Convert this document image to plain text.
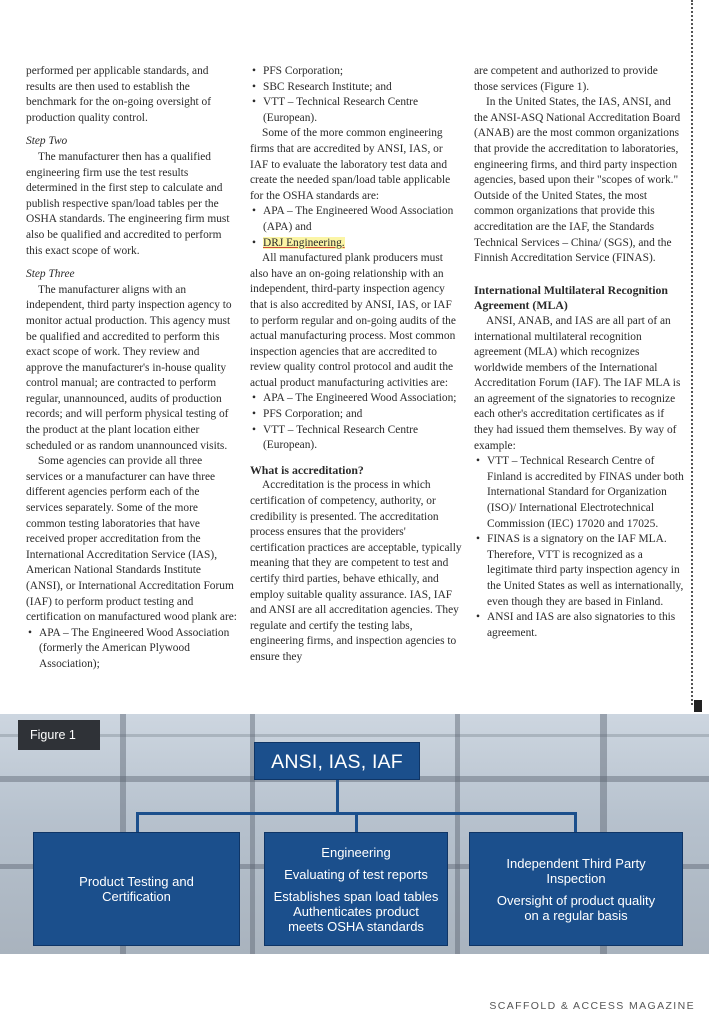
performed per applicable standards, and results are then used to establish the benchmark for the on-going oversight of production quality control.

Step Two

The manufacturer then has a qualified engineering firm use the test results determined in the first step to calculate and publish respective span/load tables per the OSHA standards. The engineering firm must also be qualified and accredited to perform this exact scope of work.

Step Three

The manufacturer aligns with an independent, third party inspection agency to monitor actual production. This agency must be qualified and accredited to perform this exact scope of work. They review and approve the manufacturer's in-house quality control manual; are contracted to perform regular, unannounced, audits of production records; and will perform physical testing of the product at the plant location either scheduled or as random unannounced visits.

Some agencies can provide all three services or a manufacturer can have three different agencies perform each of the services separately. Some of the more common testing laboratories that have received proper accreditation from the International Accreditation Service (IAS), American National Standards Institute (ANSI), or International Accreditation Forum (IAF) to perform product testing and certification on manufactured wood plank are:

• APA – The Engineered Wood Association (formerly the American Plywood Association);
• PFS Corporation;
• SBC Research Institute; and
• VTT – Technical Research Centre (European).

Some of the more common engineering firms that are accredited by ANSI, IAS, or IAF to evaluate the laboratory test data and create the needed span/load table applicable for the OSHA standards are:

• APA – The Engineered Wood Association (APA) and
• DRJ Engineering.

All manufactured plank producers must also have an on-going relationship with an independent, third-party inspection agency that is also accredited by ANSI, IAS, or IAF to perform regular and on-going audits of the actual manufacturing process. Most common inspection agencies that are accredited to review quality control protocol and audit the actual product manufacturing activities are:

• APA – The Engineered Wood Association;
• PFS Corporation; and
• VTT – Technical Research Centre (European).
What is accreditation?

Accreditation is the process in which certification of competency, authority, or credibility is presented. The accreditation process ensures that the providers' certification practices are acceptable, typically meaning that they are competent to test and certify third parties, behave ethically, and employ suitable quality assurance. IAS, IAF and ANSI are all accreditation agencies. They regulate and certify the testing labs, engineering firms, and inspection agencies to ensure they

are competent and authorized to provide those services (Figure 1).

In the United States, the IAS, ANSI, and the ANSI-ASQ National Accreditation Board (ANAB) are the most common organizations that provide the accreditation to laboratories, engineering firms, and third party inspection agencies, based upon their "scopes of work." Outside of the United States, the most common organizations that provide this accreditation are the IAF, the Standards Technical Services – China/ (SGS), and the Finnish Accreditation Service (FINAS).

International Multilateral Recognition Agreement (MLA)

ANSI, ANAB, and IAS are all part of an international multilateral recognition agreement (MLA) which recognizes worldwide members of the International Accreditation Forum (IAF). The IAF MLA is an agreement of the signatories to recognize each other's accreditation certificates as if they had issued them themselves. By way of example:

• VTT – Technical Research Centre of Finland is accredited by FINAS under both International Standard for Organization (ISO)/ International Electrotechnical Commission (IEC) 17020 and 17025.
• FINAS is a signatory on the IAF MLA. Therefore, VTT is recognized as a legitimate third party inspection agency in the United States as well as internationally, even though they are based in Finland.
• ANSI and IAS are also signatories to this agreement.
Figure 1
ANSI, IAS, IAF
Product Testing and
Certification
Engineering
Evaluating of test reports
Establishes span load tables
Authenticates product
meets OSHA standards
Independent Third Party
Inspection
Oversight of product quality
on a regular basis
SCAFFOLD & ACCESS MAGAZINE
